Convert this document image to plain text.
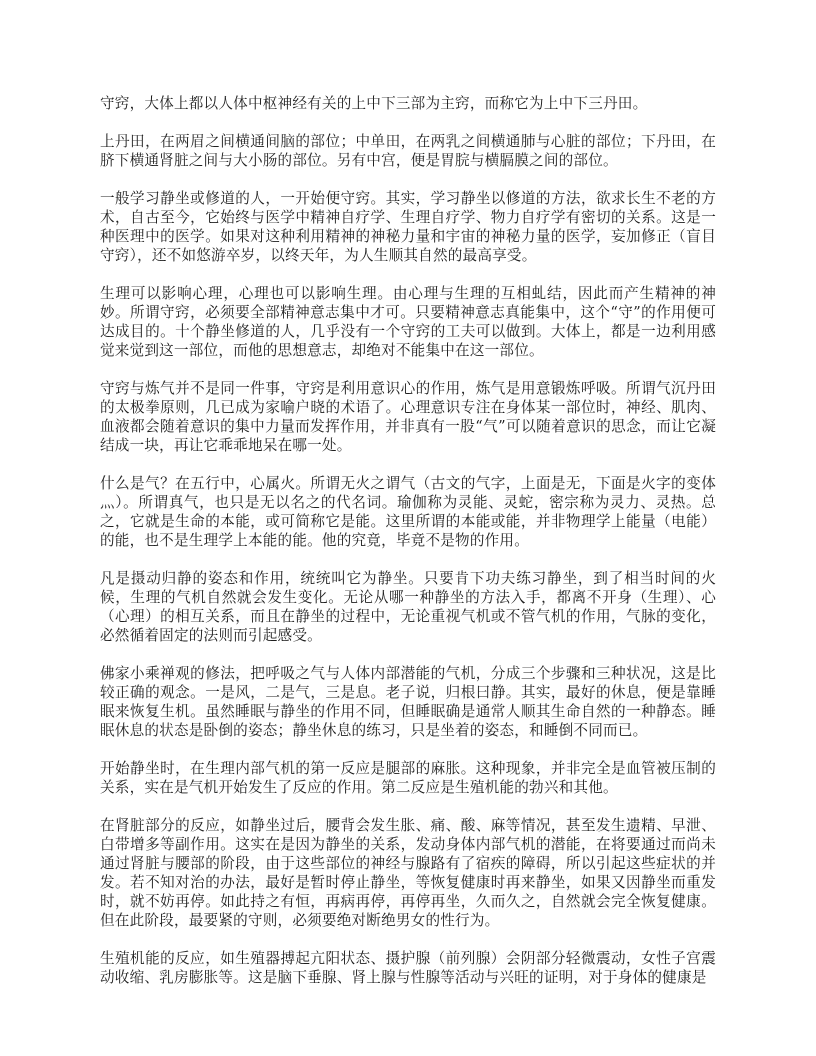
守窍，大体上都以人体中枢神经有关的上中下三部为主窍，而称它为上中下三丹田。

上丹田，在两眉之间横通间脑的部位；中单田，在两乳之间横通肺与心脏的部位；下丹田，在脐下横通肾脏之间与大小肠的部位。另有中宫，便是胃脘与横膈膜之间的部位。

一般学习静坐或修道的人，一开始便守窍。其实，学习静坐以修道的方法，欲求长生不老的方术，自古至今，它始终与医学中精神自疗学、生理自疗学、物力自疗学有密切的关系。这是一种医理中的医学。如果对这种利用精神的神秘力量和宇宙的神秘力量的医学，妄加修正（盲目守窍），还不如悠游卒岁，以终天年，为人生顺其自然的最高享受。

生理可以影响心理，心理也可以影响生理。由心理与生理的互相虬结，因此而产生精神的神妙。所谓守窍，必须要全部精神意志集中才可。只要精神意志真能集中，这个“守”的作用便可达成目的。十个静坐修道的人，几乎没有一个守窍的工夫可以做到。大体上，都是一边利用感觉来觉到这一部位，而他的思想意志，却绝对不能集中在这一部位。

守窍与炼气并不是同一件事，守窍是利用意识心的作用，炼气是用意锻炼呼吸。所谓气沉丹田的太极拳原则，几已成为家喻户晓的术语了。心理意识专注在身体某一部位时，神经、肌肉、血液都会随着意识的集中力量而发挥作用，并非真有一股“气”可以随着意识的思念，而让它凝结成一块，再让它乖乖地呆在哪一处。

什么是气？在五行中，心属火。所谓无火之谓气（古文的气字，上面是无，下面是火字的变体灬）。所谓真气，也只是无以名之的代名词。瑜伽称为灵能、灵蛇，密宗称为灵力、灵热。总之，它就是生命的本能，或可简称它是能。这里所谓的本能或能，并非物理学上能量（电能）的能，也不是生理学上本能的能。他的究竟，毕竟不是物的作用。

凡是摄动归静的姿态和作用，统统叫它为静坐。只要肯下功夫练习静坐，到了相当时间的火候，生理的气机自然就会发生变化。无论从哪一种静坐的方法入手，都离不开身（生理）、心（心理）的相互关系，而且在静坐的过程中，无论重视气机或不管气机的作用，气脉的变化，必然循着固定的法则而引起感受。

佛家小乘禅观的修法，把呼吸之气与人体内部潜能的气机，分成三个步骤和三种状况，这是比较正确的观念。一是风，二是气，三是息。老子说，归根曰静。其实，最好的休息，便是靠睡眠来恢复生机。虽然睡眠与静坐的作用不同，但睡眠确是通常人顺其生命自然的一种静态。睡眠休息的状态是卧倒的姿态；静坐休息的练习，只是坐着的姿态，和睡倒不同而已。

开始静坐时，在生理内部气机的第一反应是腿部的麻胀。这种现象，并非完全是血管被压制的关系，实在是气机开始发生了反应的作用。第二反应是生殖机能的勃兴和其他。

在肾脏部分的反应，如静坐过后，腰背会发生胀、痛、酸、麻等情况，甚至发生遗精、早泄、白带增多等副作用。这实在是因为静坐的关系，发动身体内部气机的潜能，在将要通过而尚未通过肾脏与腰部的阶段，由于这些部位的神经与腺路有了宿疾的障碍，所以引起这些症状的并发。若不知对治的办法，最好是暂时停止静坐，等恢复健康时再来静坐，如果又因静坐而重发时，就不妨再停。如此持之有恒，再病再停，再停再坐，久而久之，自然就会完全恢复健康。但在此阶段，最要紧的守则，必须要绝对断绝男女的性行为。

生殖机能的反应，如生殖器搏起亢阳状态、摄护腺（前列腺）会阴部分轻微震动，女性子宫震动收缩、乳房膨胀等。这是脑下垂腺、肾上腺与性腺等活动与兴旺的证明，对于身体的健康是
